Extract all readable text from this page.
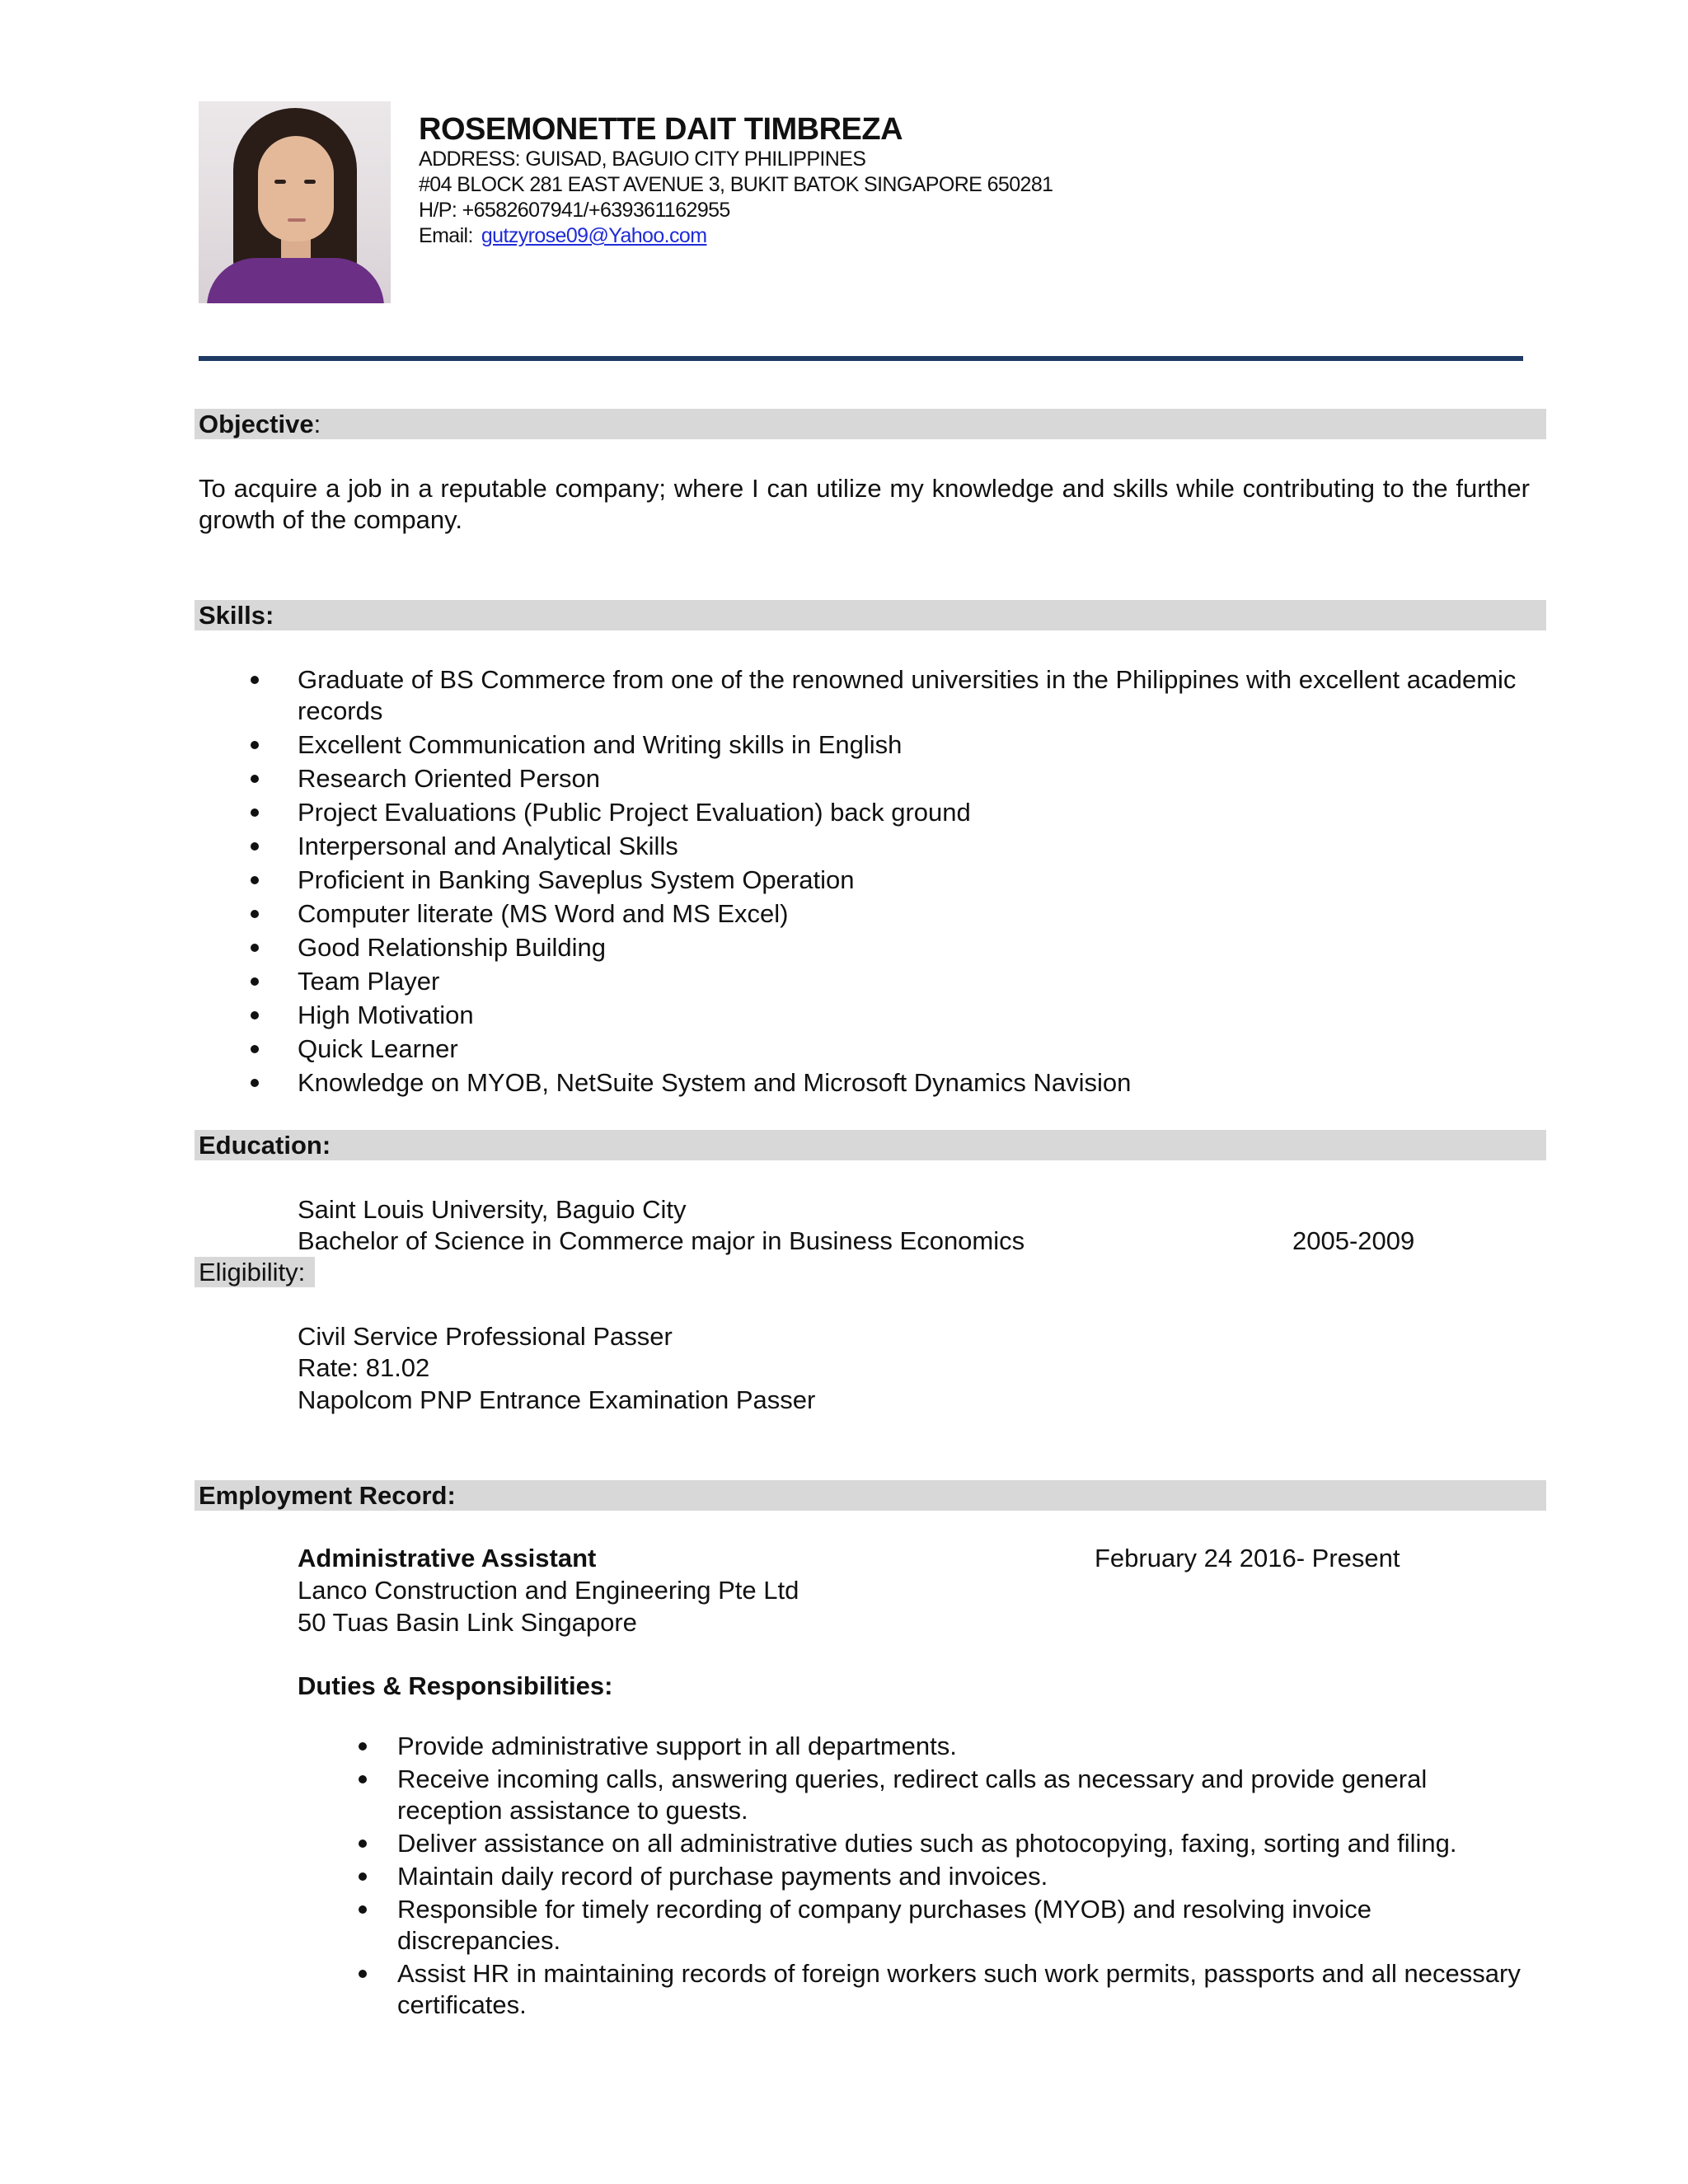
ROSEMONETTE DAIT TIMBREZA
ADDRESS: GUISAD, BAGUIO CITY PHILIPPINES
#04 BLOCK 281 EAST AVENUE 3, BUKIT BATOK SINGAPORE 650281
H/P: +6582607941/+639361162955
Email: gutzyrose09@Yahoo.com
Objective:
To acquire a job in a reputable company; where I can utilize my knowledge and skills while contributing to the further growth of the company.
Skills:
Graduate of BS Commerce from one of the renowned universities in the Philippines with excellent academic records
Excellent Communication and Writing skills in English
Research Oriented Person
Project Evaluations (Public Project Evaluation) back ground
Interpersonal and Analytical Skills
Proficient in Banking Saveplus System Operation
Computer literate (MS Word and MS Excel)
Good Relationship Building
Team Player
High Motivation
Quick Learner
Knowledge on MYOB, NetSuite System and Microsoft Dynamics Navision
Education:
Saint Louis University, Baguio City
Bachelor of Science in Commerce major in Business Economics	2005-2009
Eligibility:
Civil Service Professional Passer
Rate: 81.02
Napolcom PNP Entrance Examination Passer
Employment Record:
Administrative Assistant	February 24 2016- Present
Lanco Construction and Engineering Pte Ltd
50 Tuas Basin Link Singapore
Duties & Responsibilities:
Provide administrative support in all departments.
Receive incoming calls, answering queries, redirect calls as necessary and provide general reception assistance to guests.
Deliver assistance on all administrative duties such as photocopying, faxing, sorting and filing.
Maintain daily record of purchase payments and invoices.
Responsible for timely recording of company purchases (MYOB) and resolving invoice discrepancies.
Assist HR in maintaining records of foreign workers such work permits, passports and all necessary certificates.
